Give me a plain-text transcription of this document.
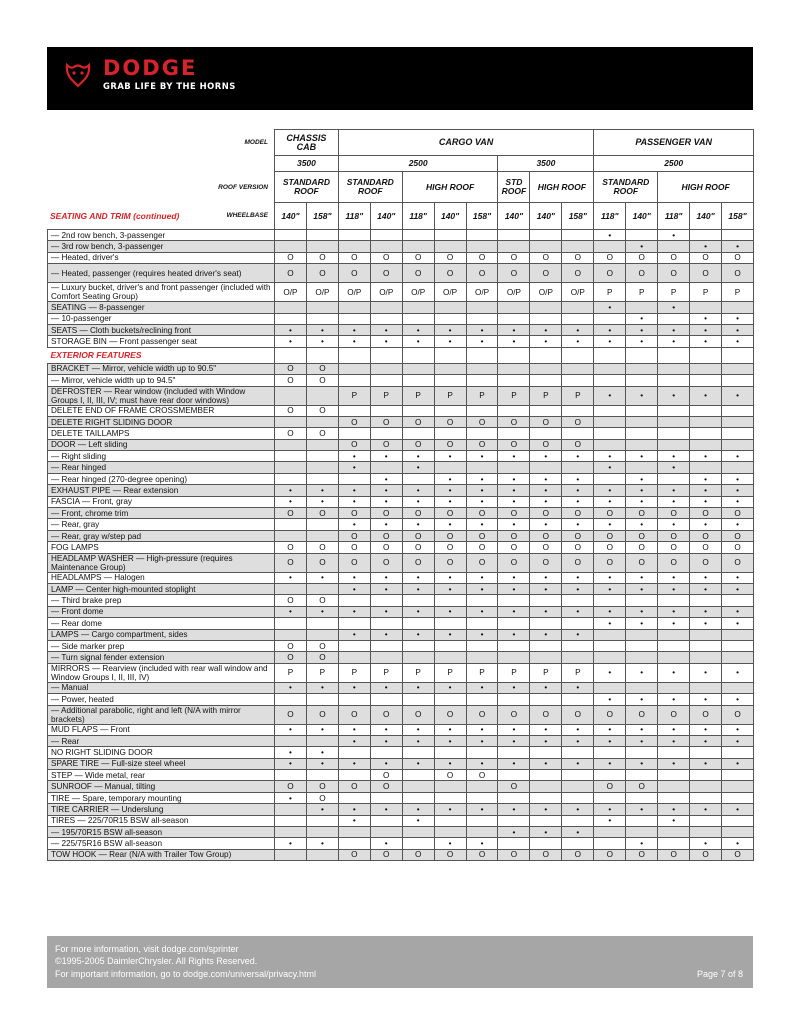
DODGE
GRAB LIFE BY THE HORNS
MODEL	CHASSIS CAB		CARGO VAN								PASSENGER VAN				
	3500		2500					3500			2500				
ROOF VERSION	STANDARD ROOF		STANDARD ROOF		HIGH ROOF			STD ROOF	HIGH ROOF		STANDARD ROOF		HIGH ROOF		
WHEELBASE	140"	158"	118"	140"	118"	140"	158"	140"	140"	158"	118"	140"	118"	140"	158"
— 2nd row bench, 3-passenger											•		•		
— 3rd row bench, 3-passenger												•		•	•
— Heated, driver's	O	O	O	O	O	O	O	O	O	O	O	O	O	O	O
— Heated, passenger (requires heated driver's seat)	O	O	O	O	O	O	O	O	O	O	O	O	O	O	O
— Luxury bucket, driver's and front passenger (included with Comfort Seating Group)	O/P	O/P	O/P	O/P	O/P	O/P	O/P	O/P	O/P	O/P	P	P	P	P	P
SEATING — 8-passenger											•		•		
— 10-passenger												•		•	•
SEATS — Cloth buckets/reclining front	•	•	•	•	•	•	•	•	•	•	•	•	•	•	•
STORAGE BIN — Front passenger seat	•	•	•	•	•	•	•	•	•	•	•	•	•	•	•
EXTERIOR FEATURES															
BRACKET — Mirror, vehicle width up to 90.5"	O	O													
— Mirror, vehicle width up to 94.5"	O	O													
DEFROSTER — Rear window (included with Window Groups I, II, III, IV; must have rear door windows)			P	P	P	P	P	P	P	P	•	•	•	•	•
DELETE END OF FRAME CROSSMEMBER	O	O													
DELETE RIGHT SLIDING DOOR			O	O	O	O	O	O	O	O					
DELETE TAILLAMPS	O	O													
DOOR — Left sliding			O	O	O	O	O	O	O	O					
— Right sliding			•	•	•	•	•	•	•	•	•	•	•	•	•
— Rear hinged			•		•						•		•		
— Rear hinged (270-degree opening)				•		•	•	•	•	•		•		•	•
EXHAUST PIPE — Rear extension	•	•	•	•	•	•	•	•	•	•	•	•	•	•	•
FASCIA — Front, gray	•	•	•	•	•	•	•	•	•	•	•	•	•	•	•
— Front, chrome trim	O	O	O	O	O	O	O	O	O	O	O	O	O	O	O
— Rear, gray			•	•	•	•	•	•	•	•	•	•	•	•	•
— Rear, gray w/step pad			O	O	O	O	O	O	O	O	O	O	O	O	O
FOG LAMPS	O	O	O	O	O	O	O	O	O	O	O	O	O	O	O
HEADLAMP WASHER — High-pressure (requires Maintenance Group)	O	O	O	O	O	O	O	O	O	O	O	O	O	O	O
HEADLAMPS — Halogen	•	•	•	•	•	•	•	•	•	•	•	•	•	•	•
LAMP — Center high-mounted stoplight			•	•	•	•	•	•	•	•	•	•	•	•	•
— Third brake prep	O	O													
— Front dome	•	•	•	•	•	•	•	•	•	•	•	•	•	•	•
— Rear dome											•	•	•	•	•
LAMPS — Cargo compartment, sides			•	•	•	•	•	•	•	•					
— Side marker prep	O	O													
— Turn signal fender extension	O	O													
MIRRORS — Rearview (included with rear wall window and Window Groups I, II, III, IV)	P	P	P	P	P	P	P	P	P	P	•	•	•	•	•
— Manual	•	•	•	•	•	•	•	•	•	•					
— Power, heated											•	•	•	•	•
— Additional parabolic, right and left (N/A with mirror brackets)	O	O	O	O	O	O	O	O	O	O	O	O	O	O	O
MUD FLAPS — Front	•	•	•	•	•	•	•	•	•	•	•	•	•	•	•
— Rear			•	•	•	•	•	•	•	•	•	•	•	•	•
NO RIGHT SLIDING DOOR	•	•													
SPARE TIRE — Full-size steel wheel	•	•	•	•	•	•	•	•	•	•	•	•	•	•	•
STEP — Wide metal, rear				O		O	O								
SUNROOF — Manual, tilting	O	O	O	O				O			O	O			
TIRE — Spare, temporary mounting	•	O													
TIRE CARRIER — Underslung		•	•	•	•	•	•	•	•	•	•	•	•	•	•
TIRES — 225/70R15 BSW all-season			•		•						•		•		
— 195/70R15 BSW all-season								•	•	•					
— 225/75R16 BSW all-season	•	•		•		•	•					•		•	•
TOW HOOK — Rear (N/A with Trailer Tow Group)			O	O	O	O	O	O	O	O	O	O	O	O	O
SEATING AND TRIM (continued)
For more information, visit dodge.com/sprinter
©1995-2005 DaimlerChrysler. All Rights Reserved.
For important information, go to dodge.com/universal/privacy.html	Page 7 of 8
